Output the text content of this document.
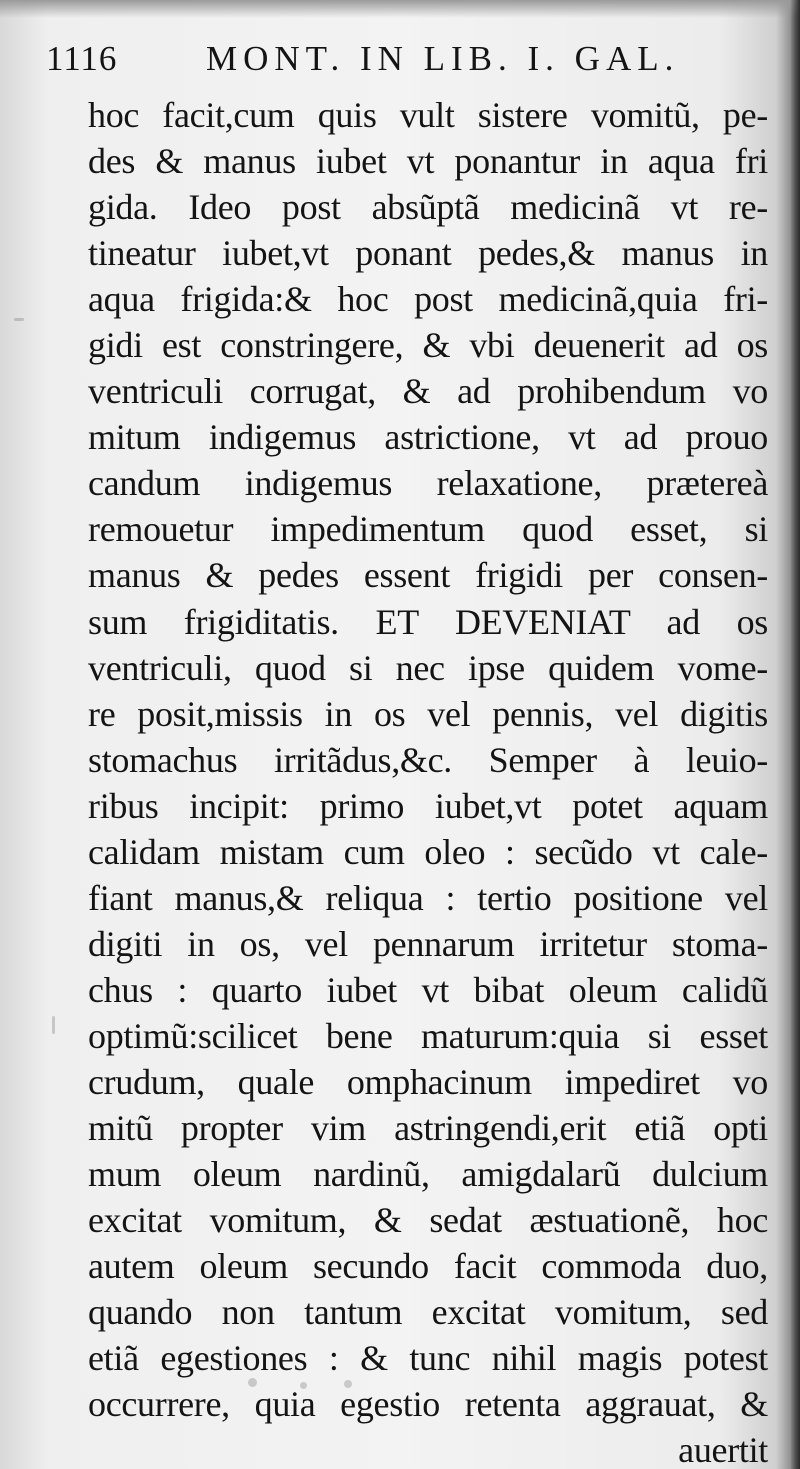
1116	MONT. IN LIB. I. GAL.
hoc facit,cum quis vult sistere vomitũ, pe-
des & manus iubet vt ponantur in aqua fri
gida. Ideo post absũptã medicinã vt re-
tineatur iubet,vt ponant pedes,& manus in
aqua frigida:& hoc post medicinã,quia fri-
gidi est constringere, & vbi deuenerit ad os
ventriculi corrugat, & ad prohibendum vo
mitum indigemus astrictione, vt ad prouo
candum indigemus relaxatione, prætereà
remouetur impedimentum quod esset, si
manus & pedes essent frigidi per consen-
sum frigiditatis. ET DEVENIAT ad os
ventriculi, quod si nec ipse quidem vome-
re posit,missis in os vel pennis, vel digitis
stomachus irritãdus,&c. Semper à leuio-
ribus incipit: primo iubet,vt potet aquam
calidam mistam cum oleo : secũdo vt cale-
fiant manus,& reliqua : tertio positione vel
digiti in os, vel pennarum irritetur stoma-
chus : quarto iubet vt bibat oleum calidũ
optimũ:scilicet bene maturum:quia si esset
crudum, quale omphacinum impediret vo
mitũ propter vim astringendi,erit etiã opti
mum oleum nardinũ, amigdalarũ dulcium
excitat vomitum, & sedat æstuationẽ, hoc
autem oleum secundo facit commoda duo,
quando non tantum excitat vomitum, sed
etiã egestiones : & tunc nihil magis potest
occurrere, quia egestio retenta aggrauat, &
auertit
